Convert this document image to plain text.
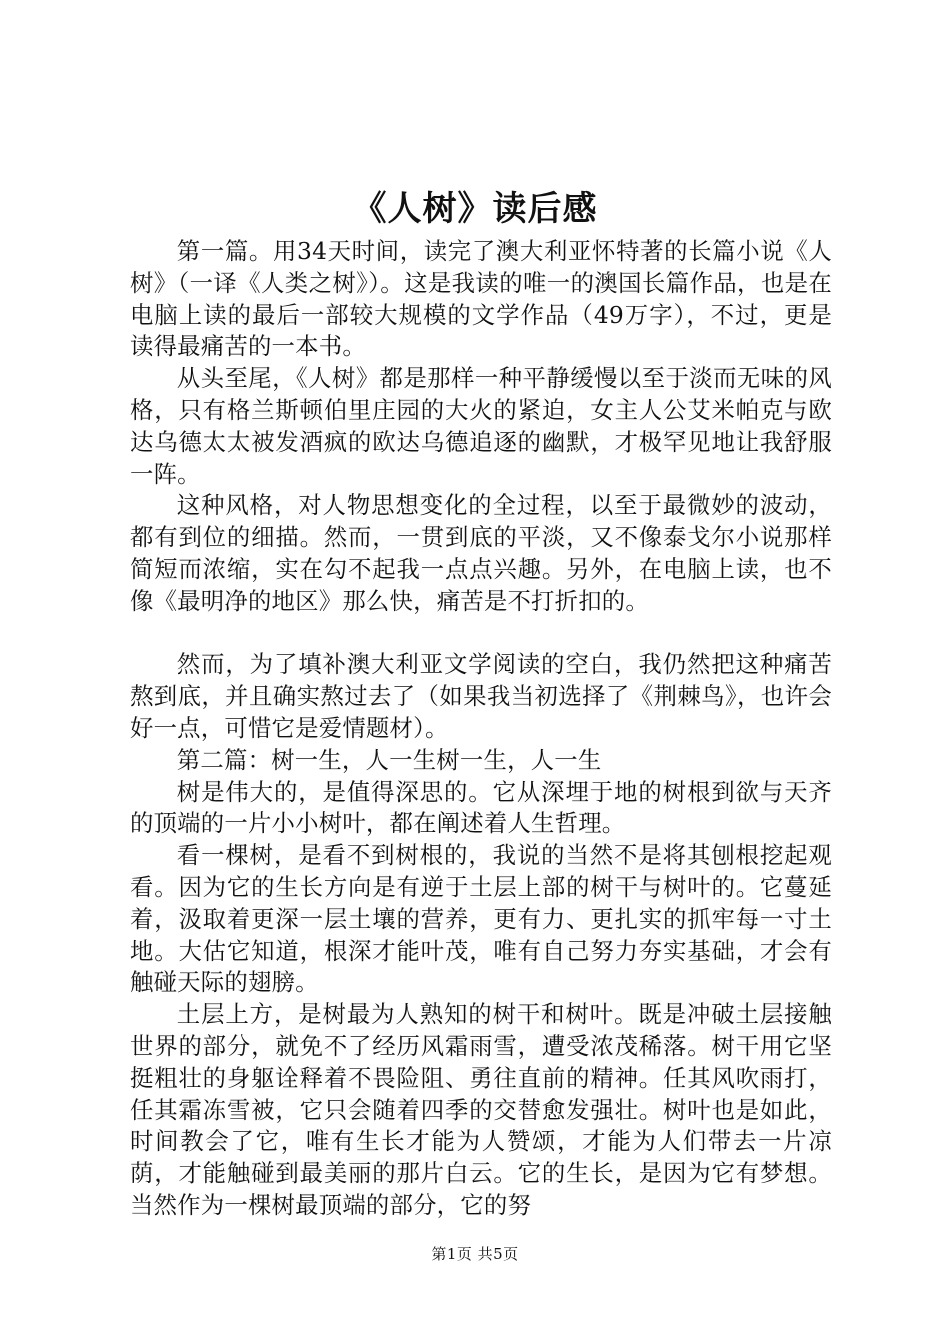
《人树》读后感

第一篇。用34天时间，读完了澳大利亚怀特著的长篇小说《人树》（一译《人类之树》）。这是我读的唯一的澳国长篇作品，也是在电脑上读的最后一部较大规模的文学作品（49万字），不过，更是读得最痛苦的一本书。

从头至尾，《人树》都是那样一种平静缓慢以至于淡而无味的风格，只有格兰斯顿伯里庄园的大火的紧迫，女主人公艾米帕克与欧达乌德太太被发酒疯的欧达乌德追逐的幽默，才极罕见地让我舒服一阵。

这种风格，对人物思想变化的全过程，以至于最微妙的波动，都有到位的细描。然而，一贯到底的平淡，又不像泰戈尔小说那样简短而浓缩，实在勾不起我一点点兴趣。另外，在电脑上读，也不像《最明净的地区》那么快，痛苦是不打折扣的。

然而，为了填补澳大利亚文学阅读的空白，我仍然把这种痛苦熬到底，并且确实熬过去了（如果我当初选择了《荆棘鸟》，也许会好一点，可惜它是爱情题材）。

第二篇：树一生，人一生树一生，人一生

树是伟大的，是值得深思的。它从深埋于地的树根到欲与天齐的顶端的一片小小树叶，都在阐述着人生哲理。

看一棵树，是看不到树根的，我说的当然不是将其刨根挖起观看。因为它的生长方向是有逆于土层上部的树干与树叶的。它蔓延着，汲取着更深一层土壤的营养，更有力、更扎实的抓牢每一寸土地。大估它知道，根深才能叶茂，唯有自己努力夯实基础，才会有触碰天际的翅膀。

土层上方，是树最为人熟知的树干和树叶。既是冲破土层接触世界的部分，就免不了经历风霜雨雪，遭受浓茂稀落。树干用它坚挺粗壮的身躯诠释着不畏险阻、勇往直前的精神。任其风吹雨打，任其霜冻雪被，它只会随着四季的交替愈发强壮。树叶也是如此，时间教会了它，唯有生长才能为人赞颂，才能为人们带去一片凉荫，才能触碰到最美丽的那片白云。它的生长，是因为它有梦想。当然作为一棵树最顶端的部分，它的努

第1页 共5页
